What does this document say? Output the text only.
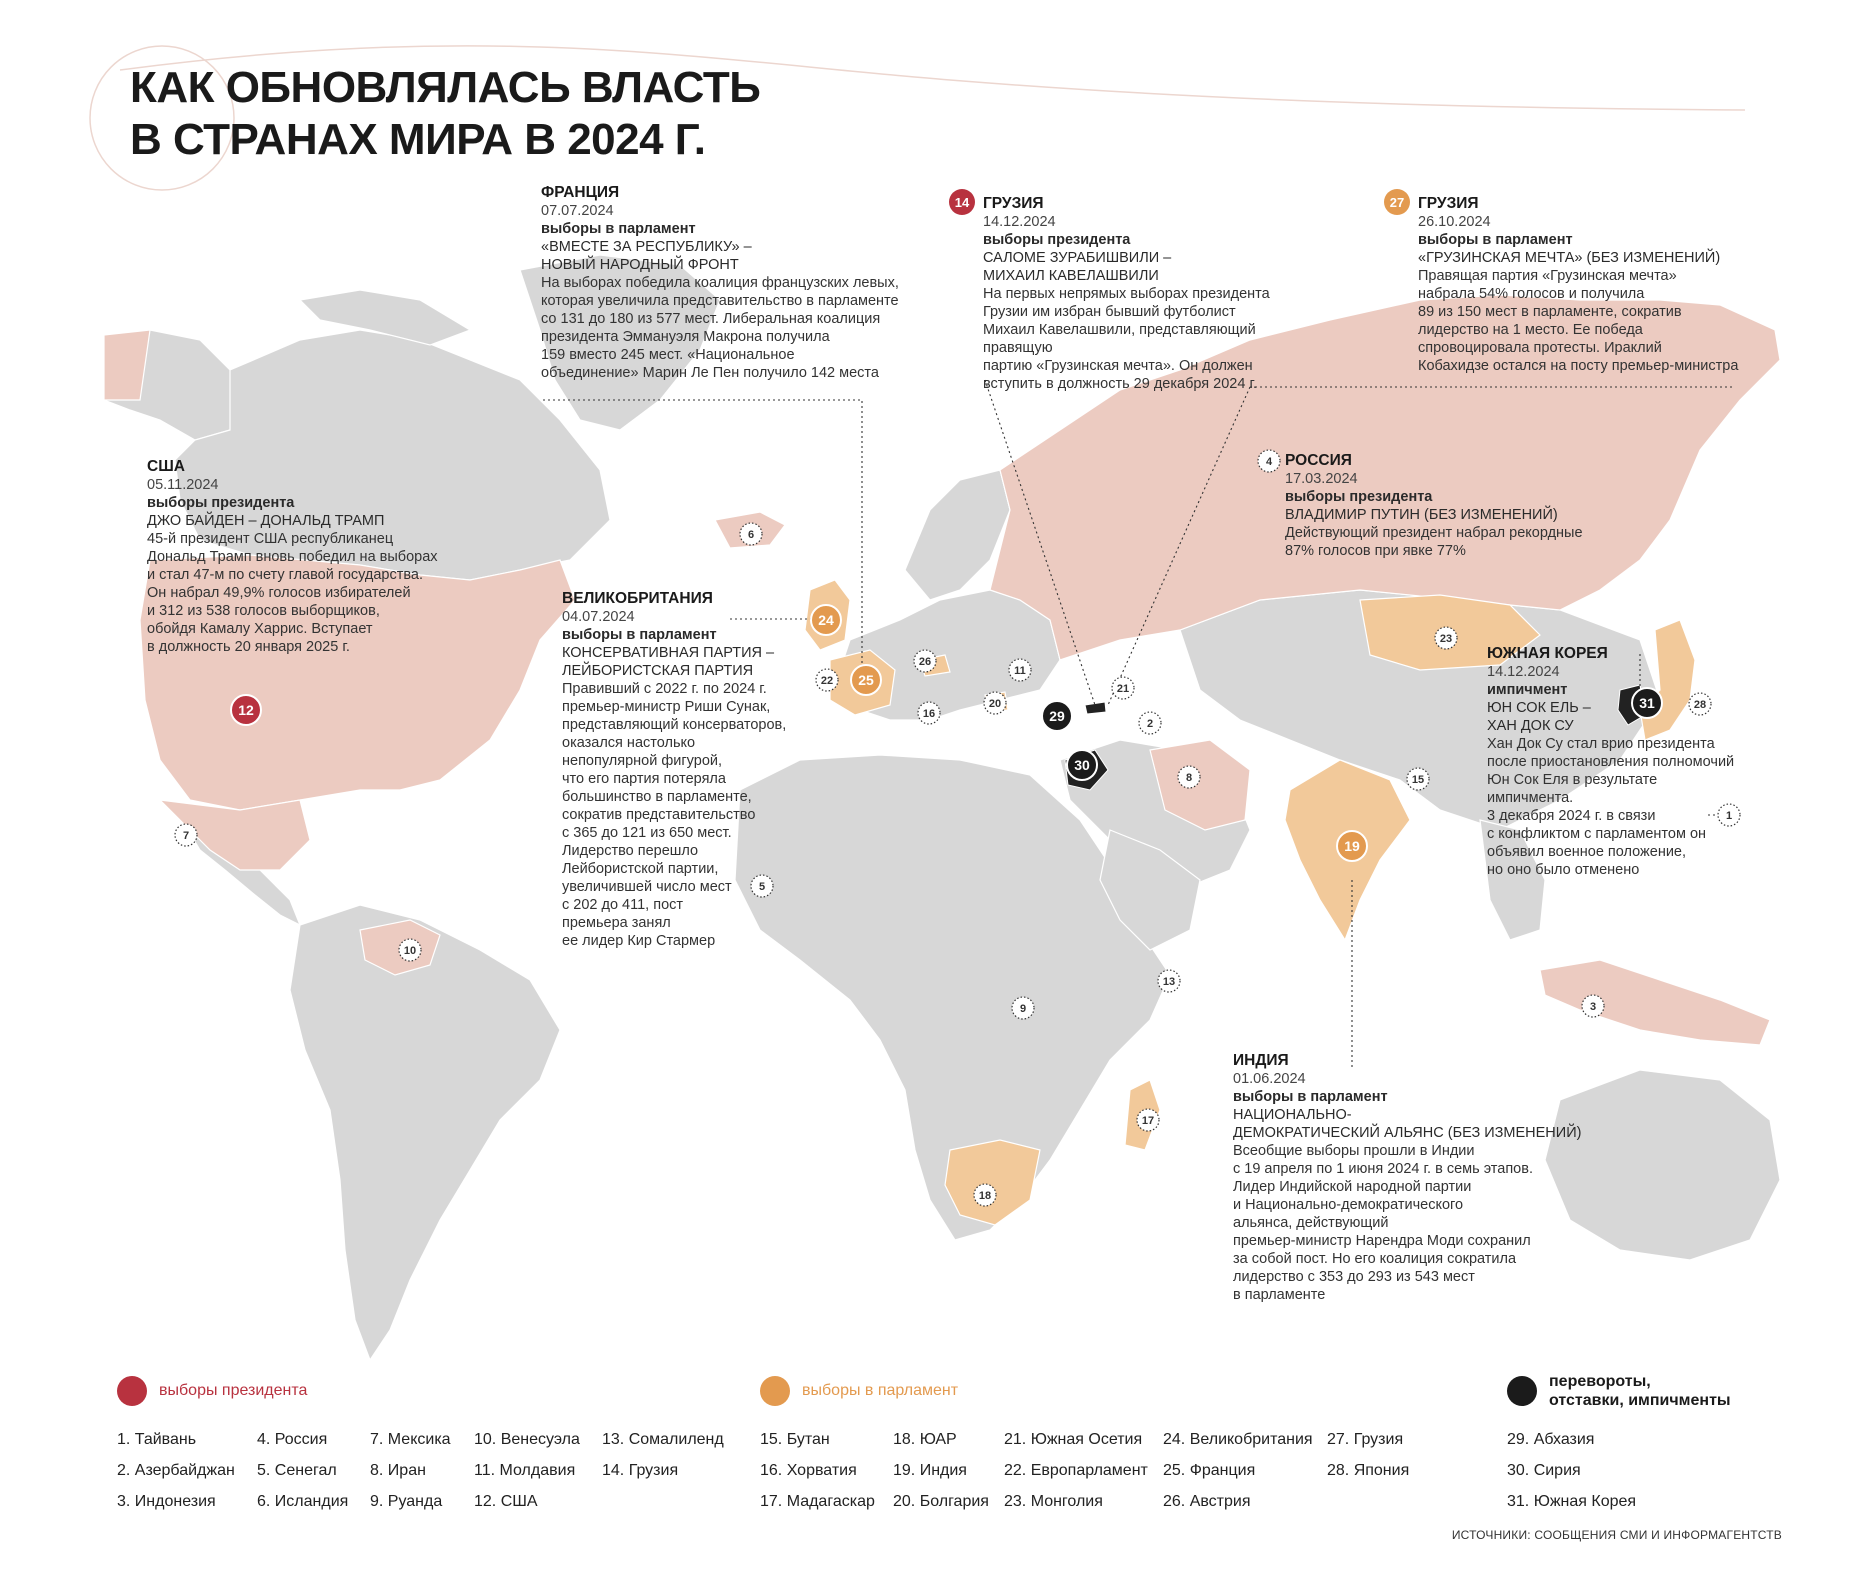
12
7
10
6
24
25
22
26
11
16
20
29
30
21
2
8
5
9
13
17
18
19
15
23
31	28
1
3
4
КАК ОБНОВЛЯЛАСЬ ВЛАСТЬ
В СТРАНАХ МИРА В 2024 Г.
США
05.11.2024
выборы президента
ДЖО БАЙДЕН – ДОНАЛЬД ТРАМП
45-й президент США республиканец
Дональд Трамп вновь победил на выборах
и стал 47-м по счету главой государства.
Он набрал 49,9% голосов избирателей
и 312 из 538 голосов выборщиков,
обойдя Камалу Харрис. Вступает
в должность 20 января 2025 г.
ФРАНЦИЯ
07.07.2024
выборы в парламент
«ВМЕСТЕ ЗА РЕСПУБЛИКУ» –
НОВЫЙ НАРОДНЫЙ ФРОНТ
На выборах победила коалиция французских левых,
которая увеличила представительство в парламенте
со 131 до 180 из 577 мест. Либеральная коалиция
президента Эммануэля Макрона получила
159 вместо 245 мест. «Национальное
объединение» Марин Ле Пен получило 142 места
14 ГРУЗИЯ
14.12.2024
выборы президента
САЛОМЕ ЗУРАБИШВИЛИ –
МИХАИЛ КАВЕЛАШВИЛИ
На первых непрямых выборах президента
Грузии им избран бывший футболист
Михаил Кавелашвили, представляющий правящую
партию «Грузинская мечта». Он должен
вступить в должность 29 декабря 2024 г.
27 ГРУЗИЯ
26.10.2024
выборы в парламент
«ГРУЗИНСКАЯ МЕЧТА» (БЕЗ ИЗМЕНЕНИЙ)
Правящая партия «Грузинская мечта»
набрала 54% голосов и получила
89 из 150 мест в парламенте, сократив
лидерство на 1 место. Ее победа
спровоцировала протесты. Ираклий
Кобахидзе остался на посту премьер-министра
РОССИЯ
17.03.2024
выборы президента
ВЛАДИМИР ПУТИН (БЕЗ ИЗМЕНЕНИЙ)
Действующий президент набрал рекордные
87% голосов при явке 77%
ВЕЛИКОБРИТАНИЯ
04.07.2024
выборы в парламент
КОНСЕРВАТИВНАЯ ПАРТИЯ –
ЛЕЙБОРИСТСКАЯ ПАРТИЯ
Правивший с 2022 г. по 2024 г.
премьер-министр Риши Сунак,
представляющий консерваторов,
оказался настолько
непопулярной фигурой,
что его партия потеряла
большинство в парламенте,
сократив представительство
с 365 до 121 из 650 мест.
Лидерство перешло
Лейбористской партии,
увеличившей число мест
с 202 до 411, пост
премьера занял
ее лидер Кир Стармер
ЮЖНАЯ КОРЕЯ
14.12.2024
импичмент
ЮН СОК ЕЛЬ –
ХАН ДОК СУ
Хан Док Су стал врио президента
после приостановления полномочий
Юн Сок Еля в результате импичмента.
3 декабря 2024 г. в связи
с конфликтом с парламентом он
объявил военное положение,
но оно было отменено
ИНДИЯ
01.06.2024
выборы в парламент
НАЦИОНАЛЬНО-
ДЕМОКРАТИЧЕСКИЙ АЛЬЯНС (БЕЗ ИЗМЕНЕНИЙ)
Всеобщие выборы прошли в Индии
с 19 апреля по 1 июня 2024 г. в семь этапов.
Лидер Индийской народной партии
и Национально-демократического
альянса, действующий
премьер-министр Нарендра Моди сохранил
за собой пост. Но его коалиция сократила
лидерство с 353 до 293 из 543 мест
в парламенте
выборы президента	выборы в парламент
перевороты,
отставки, импичменты
1. Тайвань
2. Азербайджан
3. Индонезия
4. Россия
5. Сенегал
6. Исландия
7. Мексика
8. Иран
9. Руанда
10. Венесуэла
11. Молдавия
12. США
13. Сомалиленд
14. Грузия
15. Бутан
16. Хорватия
17. Мадагаскар
18. ЮАР
19. Индия
20. Болгария
21. Южная Осетия
22. Европарламент
23. Монголия
24. Великобритания
25. Франция
26. Австрия
27. Грузия
28. Япония
29. Абхазия
30. Сирия
31. Южная Корея
ИСТОЧНИКИ: СООБЩЕНИЯ СМИ И ИНФОРМАГЕНТСТВ
